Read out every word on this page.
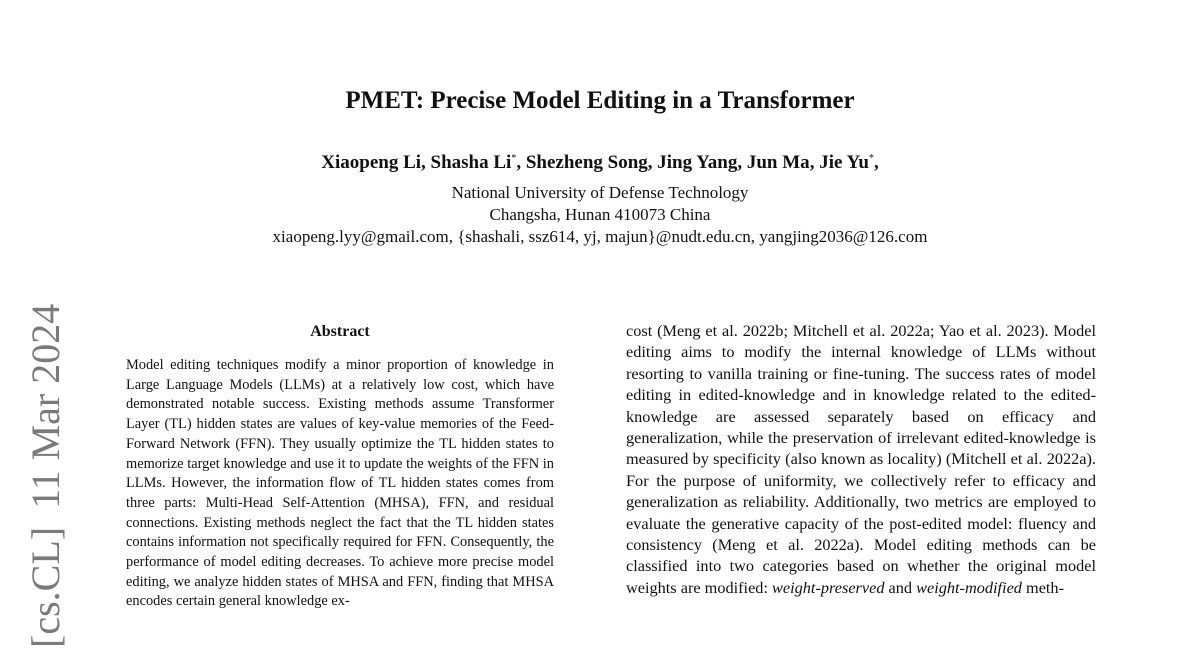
PMET: Precise Model Editing in a Transformer
Xiaopeng Li, Shasha Li*, Shezheng Song, Jing Yang, Jun Ma, Jie Yu*,
National University of Defense Technology
Changsha, Hunan 410073 China
xiaopeng.lyy@gmail.com, {shashali, ssz614, yj, majun}@nudt.edu.cn, yangjing2036@126.com
[cs.CL]11 Mar 2024	Abstract

Model editing techniques modify a minor proportion of knowledge in Large Language Models (LLMs) at a relatively low cost, which have demonstrated notable success. Existing methods assume Transformer Layer (TL) hidden states are values of key-value memories of the Feed-Forward Network (FFN). They usually optimize the TL hidden states to memorize target knowledge and use it to update the weights of the FFN in LLMs. However, the information flow of TL hidden states comes from three parts: Multi-Head Self-Attention (MHSA), FFN, and residual connections. Existing methods neglect the fact that the TL hidden states contains information not specifically required for FFN. Consequently, the performance of model editing decreases. To achieve more precise model editing, we analyze hidden states of MHSA and FFN, finding that MHSA encodes certain general knowledge ex-

cost (Meng et al. 2022b; Mitchell et al. 2022a; Yao et al. 2023). Model editing aims to modify the internal knowledge of LLMs without resorting to vanilla training or fine-tuning. The success rates of model editing in edited-knowledge and in knowledge related to the edited-knowledge are assessed separately based on efficacy and generalization, while the preservation of irrelevant edited-knowledge is measured by specificity (also known as locality) (Mitchell et al. 2022a). For the purpose of uniformity, we collectively refer to efficacy and generalization as reliability. Additionally, two metrics are employed to evaluate the generative capacity of the post-edited model: fluency and consistency (Meng et al. 2022a). Model editing methods can be classified into two categories based on whether the original model weights are modified: weight-preserved and weight-modified meth-
